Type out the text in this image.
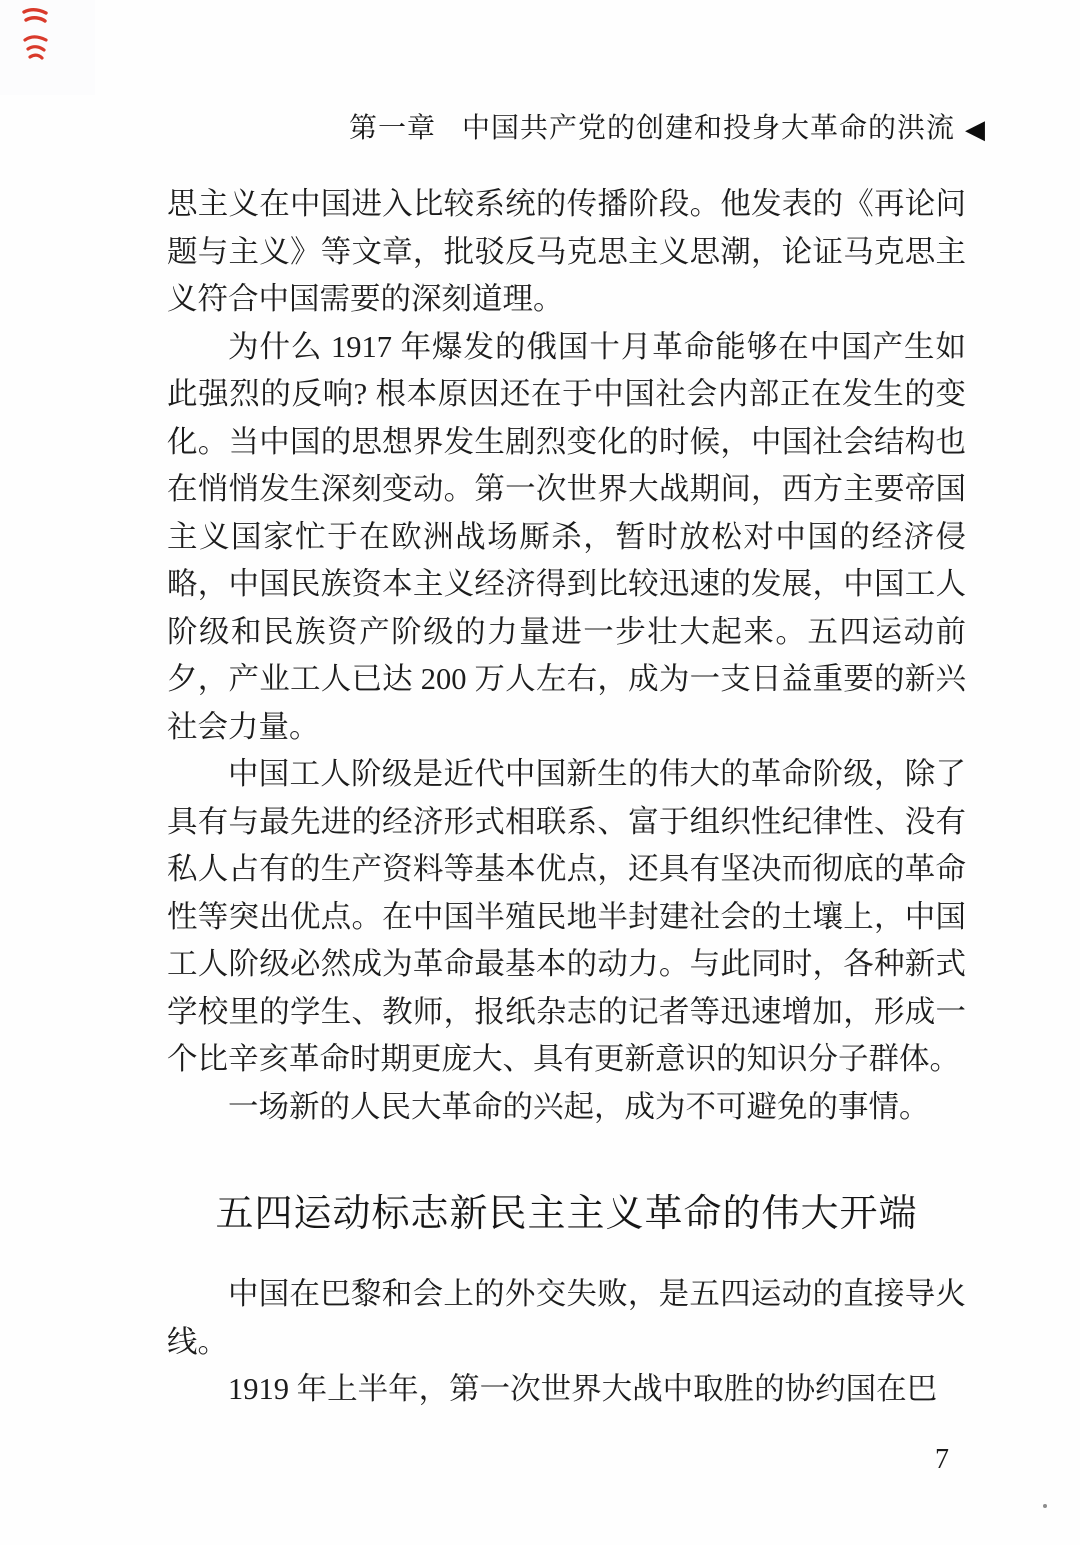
第一章 中国共产党的创建和投身大革命的洪流 ◀

思主义在中国进入比较系统的传播阶段。他发表的《再论问题与主义》等文章，批驳反马克思主义思潮，论证马克思主义符合中国需要的深刻道理。

为什么 1917 年爆发的俄国十月革命能够在中国产生如此强烈的反响? 根本原因还在于中国社会内部正在发生的变化。当中国的思想界发生剧烈变化的时候，中国社会结构也在悄悄发生深刻变动。第一次世界大战期间，西方主要帝国主义国家忙于在欧洲战场厮杀，暂时放松对中国的经济侵略，中国民族资本主义经济得到比较迅速的发展，中国工人阶级和民族资产阶级的力量进一步壮大起来。五四运动前夕，产业工人已达 200 万人左右，成为一支日益重要的新兴社会力量。

中国工人阶级是近代中国新生的伟大的革命阶级，除了具有与最先进的经济形式相联系、富于组织性纪律性、没有私人占有的生产资料等基本优点，还具有坚决而彻底的革命性等突出优点。在中国半殖民地半封建社会的土壤上，中国工人阶级必然成为革命最基本的动力。与此同时，各种新式学校里的学生、教师，报纸杂志的记者等迅速增加，形成一个比辛亥革命时期更庞大、具有更新意识的知识分子群体。

一场新的人民大革命的兴起，成为不可避免的事情。

五四运动标志新民主主义革命的伟大开端

中国在巴黎和会上的外交失败，是五四运动的直接导火线。

1919 年上半年，第一次世界大战中取胜的协约国在巴

7
